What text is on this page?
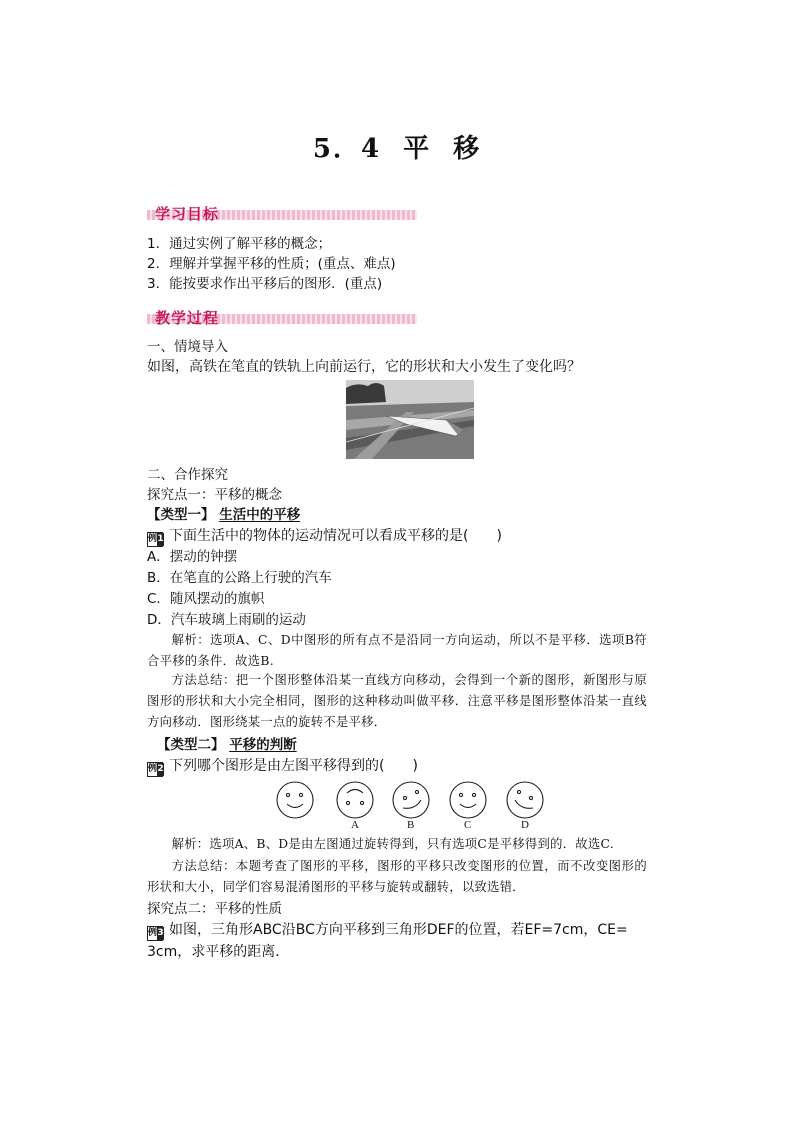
5．4 平 移
学习目标
1．通过实例了解平移的概念；
2．理解并掌握平移的性质；(重点、难点)
3．能按要求作出平移后的图形．(重点)
教学过程
一、情境导入
如图，高铁在笔直的铁轨上向前运行，它的形状和大小发生了变化吗？
二、合作探究
探究点一：平移的概念
【类型一】 生活中的平移
例1 下面生活中的物体的运动情况可以看成平移的是(　　)
A．摆动的钟摆
B．在笔直的公路上行驶的汽车
C．随风摆动的旗帜
D．汽车玻璃上雨刷的运动
解析：选项A、C、D中图形的所有点不是沿同一方向运动，所以不是平移．选项B符合平移的条件．故选B.
方法总结：把一个图形整体沿某一直线方向移动，会得到一个新的图形，新图形与原图形的形状和大小完全相同，图形的这种移动叫做平移．注意平移是图形整体沿某一直线方向移动．图形绕某一点的旋转不是平移．
【类型二】 平移的判断
例2 下列哪个图形是由左图平移得到的(　　)
A	B	C	D
解析：选项A、B、D是由左图通过旋转得到，只有选项C是平移得到的．故选C.
方法总结：本题考查了图形的平移，图形的平移只改变图形的位置，而不改变图形的形状和大小，同学们容易混淆图形的平移与旋转或翻转，以致选错．
探究点二：平移的性质
例3 如图，三角形ABC沿BC方向平移到三角形DEF的位置，若EF=7cm，CE=
3cm，求平移的距离．
